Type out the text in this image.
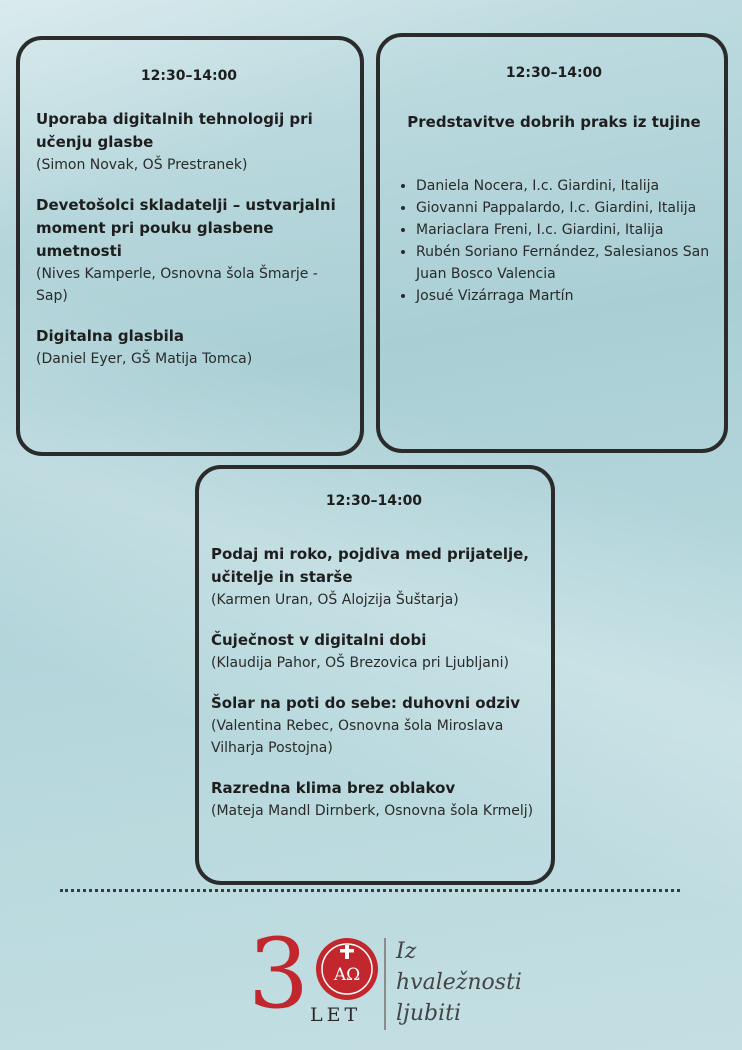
12:30–14:00

Uporaba digitalnih tehnologij pri učenju glasbe

(Simon Novak, OŠ Prestranek)

Devetošolci skladatelji – ustvarjalni moment pri pouku glasbene umetnosti

(Nives Kamperle, Osnovna šola Šmarje - Sap)

Digitalna glasbila

(Daniel Eyer, GŠ Matija Tomca)

12:30–14:00

Predstavitve dobrih praks iz tujine

• Daniela Nocera, I.c. Giardini, Italija
• Giovanni Pappalardo, I.c. Giardini, Italija
• Mariaclara Freni, I.c. Giardini, Italija
• Rubén Soriano Fernández, Salesianos San Juan Bosco Valencia
• Josué Vizárraga Martín

12:30–14:00

Podaj mi roko, pojdiva med prijatelje, učitelje in starše

(Karmen Uran, OŠ Alojzija Šuštarja)

Čuječnost v digitalni dobi

(Klaudija Pahor, OŠ Brezovica pri Ljubljani)

Šolar na poti do sebe: duhovni odziv

(Valentina Rebec, Osnovna šola Miroslava Vilharja Postojna)

Razredna klima brez oblakov

(Mateja Mandl Dirnberk, Osnovna šola Krmelj)

3 AΩ
LET
Iz
hvaležnosti
ljubiti
